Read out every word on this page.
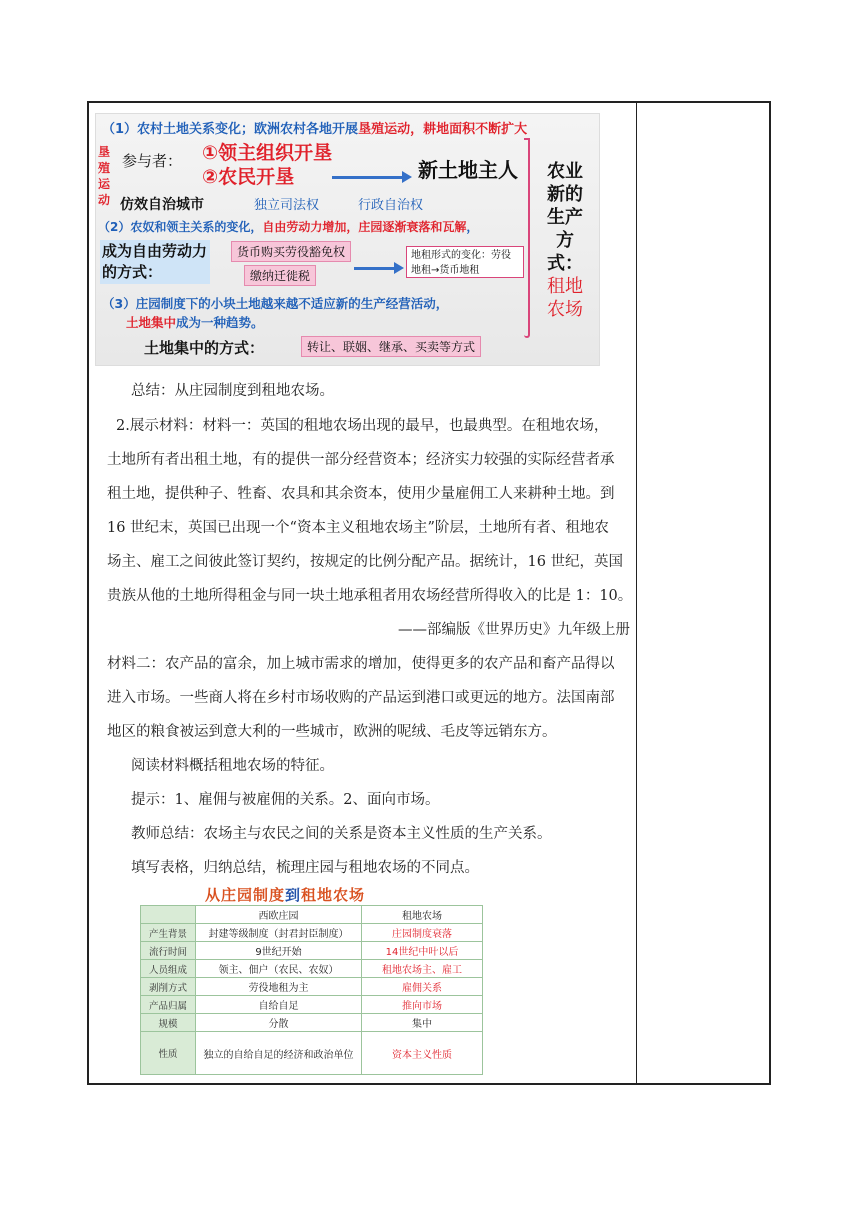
（1）农村土地关系变化；欧洲农村各地开展垦殖运动，耕地面积不断扩大
垦殖运动
参与者： ①领主组织开垦
②农民开垦	新土地主人
仿效自治城市	独立司法权	行政自治权
（2）农奴和领主关系的变化，自由劳动力增加，庄园逐渐衰落和瓦解，
成为自由劳动力的方式：
货币购买劳役豁免权
缴纳迁徙税
地租形式的变化：劳役地租→货币地租
（3）庄园制度下的小块土地越来越不适应新的生产经营活动，
土地集中成为一种趋势。
土地集中的方式：	转让、联姻、继承、买卖等方式
农业新的生产方式：租地农场
总结：从庄园制度到租地农场。
2.展示材料：材料一：英国的租地农场出现的最早，也最典型。在租地农场，
土地所有者出租土地，有的提供一部分经营资本；经济实力较强的实际经营者承
租土地，提供种子、牲畜、农具和其余资本，使用少量雇佣工人来耕种土地。到
16 世纪末，英国已出现一个“资本主义租地农场主”阶层，土地所有者、租地农
场主、雇工之间彼此签订契约，按规定的比例分配产品。据统计，16 世纪，英国
贵族从他的土地所得租金与同一块土地承租者用农场经营所得收入的比是 1：10。
——部编版《世界历史》九年级上册
材料二：农产品的富余，加上城市需求的增加，使得更多的农产品和畜产品得以
进入市场。一些商人将在乡村市场收购的产品运到港口或更远的地方。法国南部
地区的粮食被运到意大利的一些城市，欧洲的呢绒、毛皮等远销东方。
阅读材料概括租地农场的特征。
提示：1、雇佣与被雇佣的关系。2、面向市场。
教师总结：农场主与农民之间的关系是资本主义性质的生产关系。
填写表格，归纳总结，梳理庄园与租地农场的不同点。
从庄园制度到租地农场
	西欧庄园	租地农场
产生背景	封建等级制度（封君封臣制度）	庄园制度衰落
流行时间	9世纪开始	14世纪中叶以后
人员组成	领主、佃户（农民、农奴）	租地农场主、雇工
剥削方式	劳役地租为主	雇佣关系
产品归属	自给自足	推向市场
规模	分散	集中
性质	独立的自给自足的经济和政治单位	资本主义性质
